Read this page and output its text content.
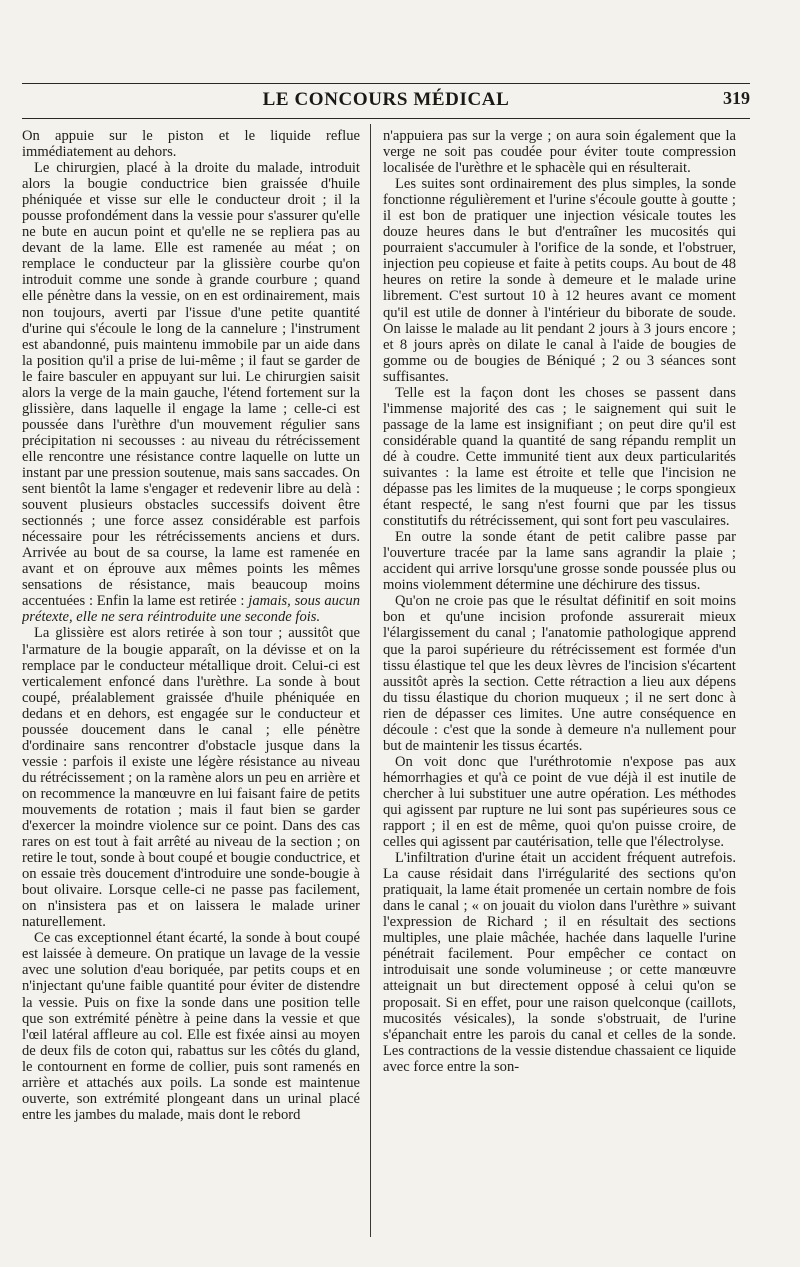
LE CONCOURS MÉDICAL	319

On appuie sur le piston et le liquide reflue immédiatement au dehors.

Le chirurgien, placé à la droite du malade, introduit alors la bougie conductrice bien graissée d'huile phéniquée et visse sur elle le conducteur droit ; il la pousse profondément dans la vessie pour s'assurer qu'elle ne bute en aucun point et qu'elle ne se repliera pas au devant de la lame. Elle est ramenée au méat ; on remplace le conducteur par la glissière courbe qu'on introduit comme une sonde à grande courbure ; quand elle pénètre dans la vessie, on en est ordinairement, mais non toujours, averti par l'issue d'une petite quantité d'urine qui s'écoule le long de la cannelure ; l'instrument est abandonné, puis maintenu immobile par un aide dans la position qu'il a prise de lui-même ; il faut se garder de le faire basculer en appuyant sur lui. Le chirurgien saisit alors la verge de la main gauche, l'étend fortement sur la glissière, dans laquelle il engage la lame ; celle-ci est poussée dans l'urèthre d'un mouvement régulier sans précipitation ni secousses : au niveau du rétrécissement elle rencontre une résistance contre laquelle on lutte un instant par une pression soutenue, mais sans saccades. On sent bientôt la lame s'engager et redevenir libre au delà : souvent plusieurs obstacles successifs doivent être sectionnés ; une force assez considérable est parfois nécessaire pour les rétrécissements anciens et durs. Arrivée au bout de sa course, la lame est ramenée en avant et on éprouve aux mêmes points les mêmes sensations de résistance, mais beaucoup moins accentuées : Enfin la lame est retirée : jamais, sous aucun prétexte, elle ne sera réintroduite une seconde fois.

La glissière est alors retirée à son tour ; aussitôt que l'armature de la bougie apparaît, on la dévisse et on la remplace par le conducteur métallique droit. Celui-ci est verticalement enfoncé dans l'urèthre. La sonde à bout coupé, préalablement graissée d'huile phéniquée en dedans et en dehors, est engagée sur le conducteur et poussée doucement dans le canal ; elle pénètre d'ordinaire sans rencontrer d'obstacle jusque dans la vessie : parfois il existe une légère résistance au niveau du rétrécissement ; on la ramène alors un peu en arrière et on recommence la manœuvre en lui faisant faire de petits mouvements de rotation ; mais il faut bien se garder d'exercer la moindre violence sur ce point. Dans des cas rares on est tout à fait arrêté au niveau de la section ; on retire le tout, sonde à bout coupé et bougie conductrice, et on essaie très doucement d'introduire une sonde-bougie à bout olivaire. Lorsque celle-ci ne passe pas facilement, on n'insistera pas et on laissera le malade uriner naturellement.

Ce cas exceptionnel étant écarté, la sonde à bout coupé est laissée à demeure. On pratique un lavage de la vessie avec une solution d'eau boriquée, par petits coups et en n'injectant qu'une faible quantité pour éviter de distendre la vessie. Puis on fixe la sonde dans une position telle que son extrémité pénètre à peine dans la vessie et que l'œil latéral affleure au col. Elle est fixée ainsi au moyen de deux fils de coton qui, rabattus sur les côtés du gland, le contournent en forme de collier, puis sont ramenés en arrière et attachés aux poils. La sonde est maintenue ouverte, son extrémité plongeant dans un urinal placé entre les jambes du malade, mais dont le rebord

n'appuiera pas sur la verge ; on aura soin également que la verge ne soit pas coudée pour éviter toute compression localisée de l'urèthre et le sphacèle qui en résulterait.

Les suites sont ordinairement des plus simples, la sonde fonctionne régulièrement et l'urine s'écoule goutte à goutte ; il est bon de pratiquer une injection vésicale toutes les douze heures dans le but d'entraîner les mucosités qui pourraient s'accumuler à l'orifice de la sonde, et l'obstruer, injection peu copieuse et faite à petits coups. Au bout de 48 heures on retire la sonde à demeure et le malade urine librement. C'est surtout 10 à 12 heures avant ce moment qu'il est utile de donner à l'intérieur du biborate de soude. On laisse le malade au lit pendant 2 jours à 3 jours encore ; et 8 jours après on dilate le canal à l'aide de bougies de gomme ou de bougies de Béniqué ; 2 ou 3 séances sont suffisantes.

Telle est la façon dont les choses se passent dans l'immense majorité des cas ; le saignement qui suit le passage de la lame est insignifiant ; on peut dire qu'il est considérable quand la quantité de sang répandu remplit un dé à coudre. Cette immunité tient aux deux particularités suivantes : la lame est étroite et telle que l'incision ne dépasse pas les limites de la muqueuse ; le corps spongieux étant respecté, le sang n'est fourni que par les tissus constitutifs du rétrécissement, qui sont fort peu vasculaires.

En outre la sonde étant de petit calibre passe par l'ouverture tracée par la lame sans agrandir la plaie ; accident qui arrive lorsqu'une grosse sonde poussée plus ou moins violemment détermine une déchirure des tissus.

Qu'on ne croie pas que le résultat définitif en soit moins bon et qu'une incision profonde assurerait mieux l'élargissement du canal ; l'anatomie pathologique apprend que la paroi supérieure du rétrécissement est formée d'un tissu élastique tel que les deux lèvres de l'incision s'écartent aussitôt après la section. Cette rétraction a lieu aux dépens du tissu élastique du chorion muqueux ; il ne sert donc à rien de dépasser ces limites. Une autre conséquence en découle : c'est que la sonde à demeure n'a nullement pour but de maintenir les tissus écartés.

On voit donc que l'uréthrotomie n'expose pas aux hémorrhagies et qu'à ce point de vue déjà il est inutile de chercher à lui substituer une autre opération. Les méthodes qui agissent par rupture ne lui sont pas supérieures sous ce rapport ; il en est de même, quoi qu'on puisse croire, de celles qui agissent par cautérisation, telle que l'électrolyse.

L'infiltration d'urine était un accident fréquent autrefois. La cause résidait dans l'irrégularité des sections qu'on pratiquait, la lame était promenée un certain nombre de fois dans le canal ; « on jouait du violon dans l'urèthre » suivant l'expression de Richard ; il en résultait des sections multiples, une plaie mâchée, hachée dans laquelle l'urine pénétrait facilement. Pour empêcher ce contact on introduisait une sonde volumineuse ; or cette manœuvre atteignait un but directement opposé à celui qu'on se proposait. Si en effet, pour une raison quelconque (caillots, mucosités vésicales), la sonde s'obstruait, de l'urine s'épanchait entre les parois du canal et celles de la sonde. Les contractions de la vessie distendue chassaient ce liquide avec force entre la son-
